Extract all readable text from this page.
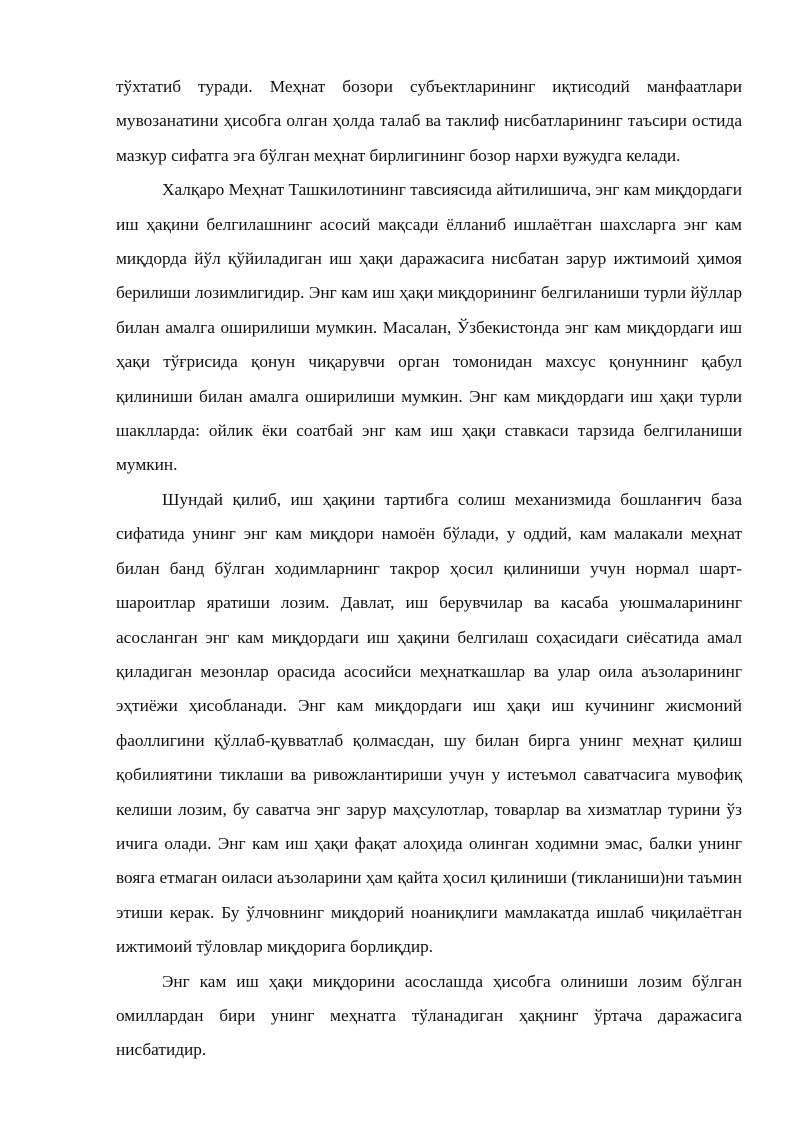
тўхтатиб туради. Меҳнат бозори субъектларининг иқтисодий манфаатлари мувозанатини ҳисобга олган ҳолда талаб ва таклиф нисбатларининг таъсири остида мазкур сифатга эга бўлган меҳнат бирлигининг бозор нархи вужудга келади.

Халқаро Меҳнат Ташкилотининг тавсиясида айтилишича, энг кам миқдордаги иш ҳақини белгилашнинг асосий мақсади ёлланиб ишлаётган шахсларга энг кам миқдорда йўл қўйиладиган иш ҳақи даражасига нисбатан зарур ижтимоий ҳимоя берилиши лозимлигидир. Энг кам иш ҳақи миқдорининг белгиланиши турли йўллар билан амалга оширилиши мумкин. Масалан, Ўзбекистонда энг кам миқдордаги иш ҳақи тўғрисида қонун чиқарувчи орган томонидан махсус қонуннинг қабул қилиниши билан амалга оширилиши мумкин. Энг кам миқдордаги иш ҳақи турли шаклларда: ойлик ёки соатбай энг кам иш ҳақи ставкаси тарзида белгиланиши мумкин.

Шундай қилиб, иш ҳақини тартибга солиш механизмида бошланғич база сифатида унинг энг кам миқдори намоён бўлади, у оддий, кам малакали меҳнат билан банд бўлган ходимларнинг такрор ҳосил қилиниши учун нормал шарт-шароитлар яратиши лозим. Давлат, иш берувчилар ва касаба уюшмаларининг асосланган энг кам миқдордаги иш ҳақини белгилаш соҳасидаги сиёсатида амал қиладиган мезонлар орасида асосийси меҳнаткашлар ва улар оила аъзоларининг эҳтиёжи ҳисобланади. Энг кам миқдордаги иш ҳақи иш кучининг жисмоний фаоллигини қўллаб-қувватлаб қолмасдан, шу билан бирга унинг меҳнат қилиш қобилиятини тиклаши ва ривожлантириши учун у истеъмол саватчасига мувофиқ келиши лозим, бу саватча энг зарур маҳсулотлар, товарлар ва хизматлар турини ўз ичига олади. Энг кам иш ҳақи фақат алоҳида олинган ходимни эмас, балки унинг вояга етмаган оиласи аъзоларини ҳам қайта ҳосил қилиниши (тикланиши)ни таъмин этиши керак. Бу ўлчовнинг миқдорий ноаниқлиги мамлакатда ишлаб чиқилаётган ижтимоий тўловлар миқдорига борлиқдир.

Энг кам иш ҳақи миқдорини асослашда ҳисобга олиниши лозим бўлган омиллардан бири унинг меҳнатга тўланадиган ҳақнинг ўртача даражасига нисбатидир.
